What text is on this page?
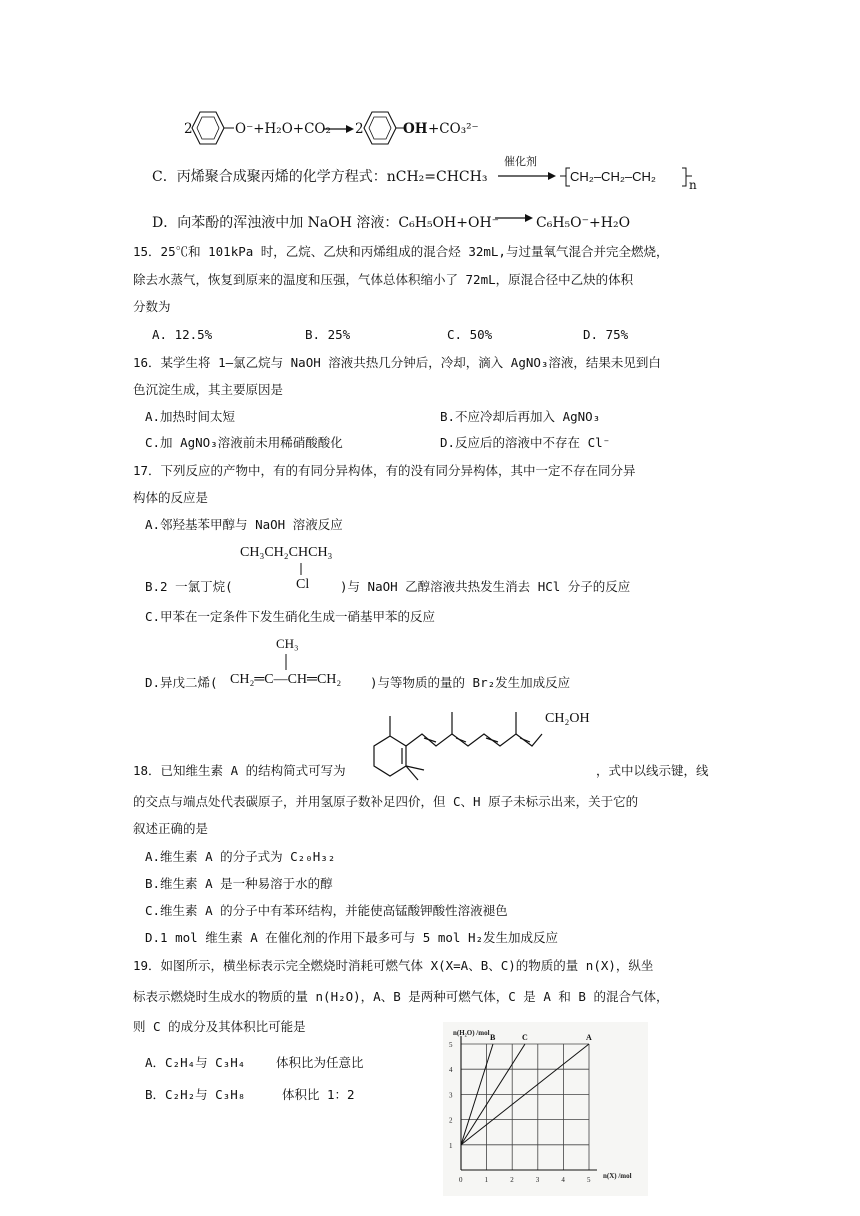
2	O⁻+H₂O+CO₂ → 2	OH +CO₃²⁻
C．丙烯聚合成聚丙烯的化学方程式：nCH₂=CHCH₃
催化剂
CH₂–CH₂–CH₂
n
D．向苯酚的浑浊液中加 NaOH 溶液：C₆H₅OH+OH⁻	C₆H₅O⁻+H₂O
15．25℃和 101kPa 时，乙烷、乙炔和丙烯组成的混合烃 32mL,与过量氧气混合并完全燃烧，
除去水蒸气，恢复到原来的温度和压强，气体总体积缩小了 72mL，原混合径中乙炔的体积
分数为
A. 12.5%	B. 25%	C. 50%	D. 75%
16．某学生将 1—氯乙烷与 NaOH 溶液共热几分钟后，冷却，滴入 AgNO₃溶液，结果未见到白
色沉淀生成，其主要原因是
A.加热时间太短	B.不应冷却后再加入 AgNO₃
C.加 AgNO₃溶液前未用稀硝酸酸化	D.反应后的溶液中不存在 Cl⁻
17．下列反应的产物中，有的有同分异构体，有的没有同分异构体，其中一定不存在同分异
构体的反应是
A.邻羟基苯甲醇与 NaOH 溶液反应
CH₃CH₂CHCH₃
B.2 一氯丁烷(	Cl )与 NaOH 乙醇溶液共热发生消去 HCl 分子的反应
C.甲苯在一定条件下发生硝化生成一硝基甲苯的反应
CH₃
D.异戊二烯( CH₂═C—CH═CH₂ )与等物质的量的 Br₂发生加成反应
CH₂OH
18．已知维生素 A 的结构简式可写为	，式中以线示键，线
的交点与端点处代表碳原子，并用氢原子数补足四价，但 C、H 原子未标示出来，关于它的
叙述正确的是
A.维生素 A 的分子式为 C₂₀H₃₂
B.维生素 A 是一种易溶于水的醇
C.维生素 A 的分子中有苯环结构，并能使高锰酸钾酸性溶液褪色
D.1 mol 维生素 A 在催化剂的作用下最多可与 5 mol H₂发生加成反应
19．如图所示，横坐标表示完全燃烧时消耗可燃气体 X(X=A、B、C)的物质的量 n(X)，纵坐
标表示燃烧时生成水的物质的量 n(H₂O)，A、B 是两种可燃气体，C 是 A 和 B 的混合气体，
则 C 的成分及其体积比可能是
A．C₂H₄与 C₃H₄ 体积比为任意比
B．C₂H₂与 C₃H₈	体积比 1：2
B	C	A
0	1	2	3	4	5
1
2
3
4
5
n(H₂O) /mol
n(X) /mol
